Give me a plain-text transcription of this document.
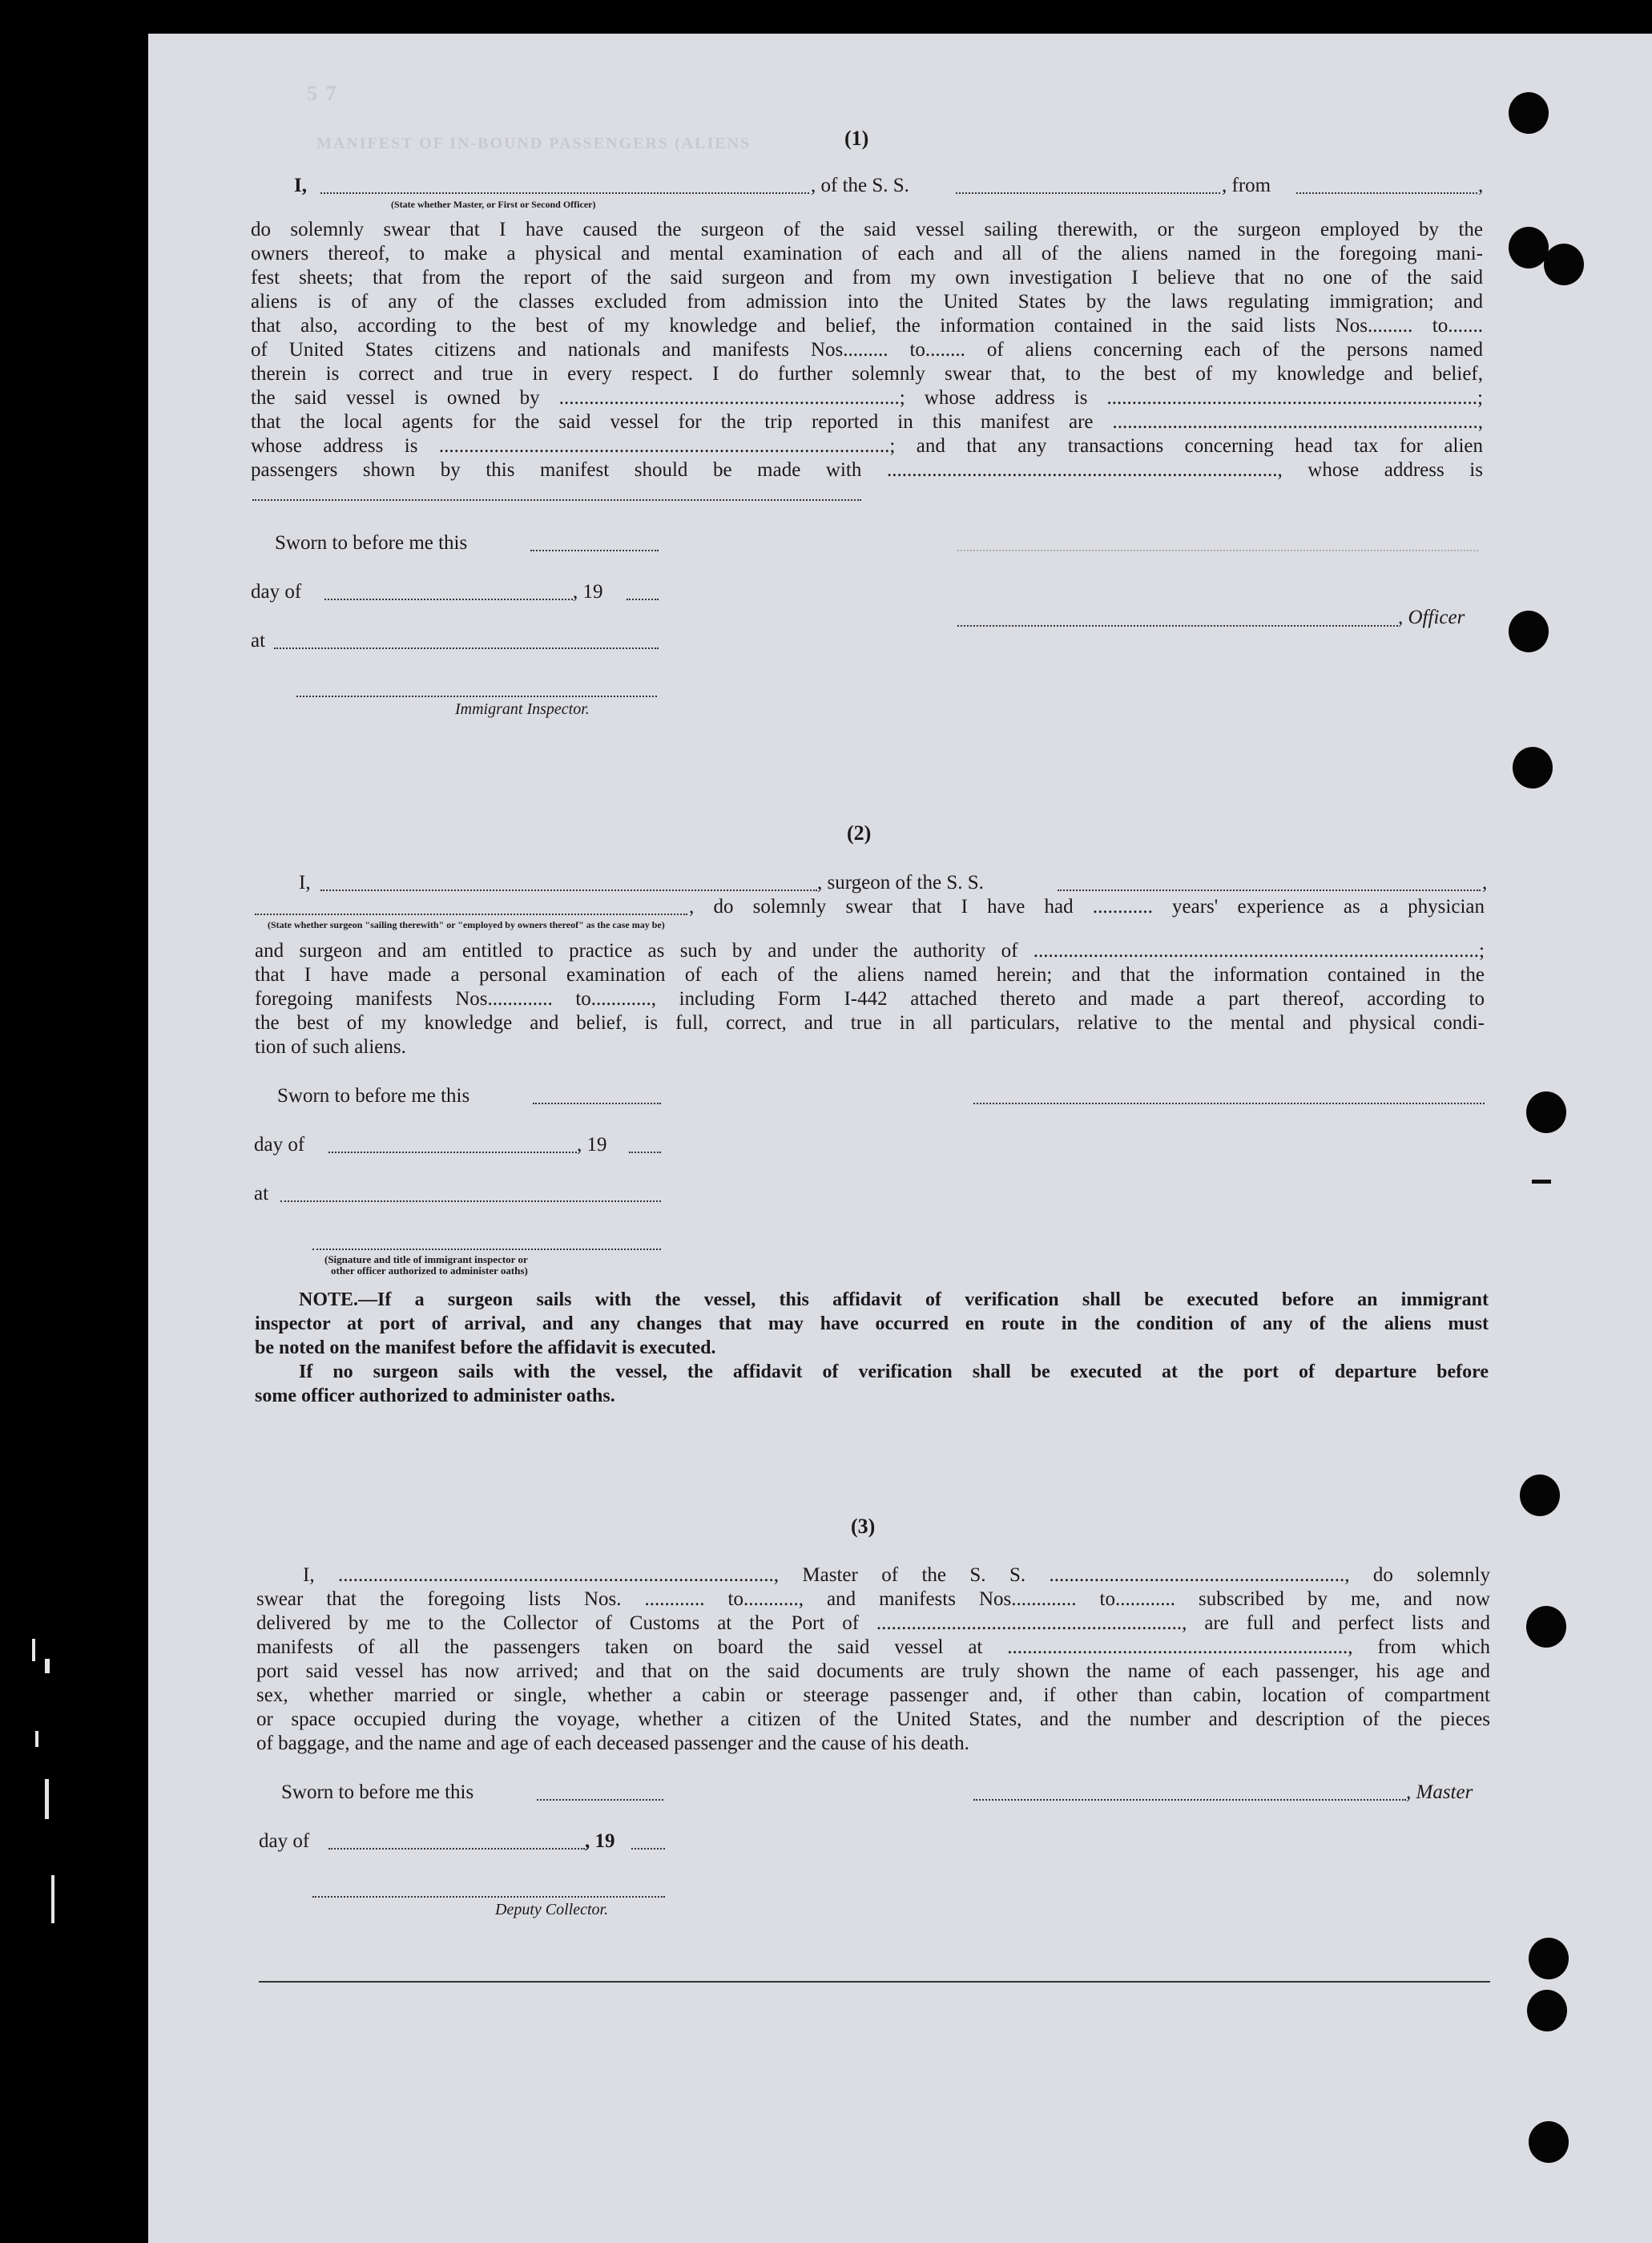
5 7
MANIFEST OF IN-BOUND PASSENGERS (ALIENS	(1)
I,	, of the S. S.	, from	,
(State whether Master, or First or Second Officer)
do solemnly swear that I have caused the surgeon of the said vessel sailing therewith, or the surgeon employed by the
owners thereof, to make a physical and mental examination of each and all of the aliens named in the foregoing mani-
fest sheets; that from the report of the said surgeon and from my own investigation I believe that no one of the said
aliens is of any of the classes excluded from admission into the United States by the laws regulating immigration; and
that also, according to the best of my knowledge and belief, the information contained in the said lists Nos......... to.......
of United States citizens and nationals and manifests Nos......... to........ of aliens concerning each of the persons named
therein is correct and true in every respect. I do further solemnly swear that, to the best of my knowledge and belief,
the said vessel is owned by ....................................................................; whose address is ..........................................................................;
that the local agents for the said vessel for the trip reported in this manifest are .........................................................................,
whose address is ..........................................................................................; and that any transactions concerning head tax for alien
passengers shown by this manifest should be made with .............................................................................., whose address is
Sworn to before me this
day of	, 19
, Officer
at
Immigrant Inspector.
(2)
I,	, surgeon of the S. S.	,
, do solemnly swear that I have had ............ years' experience as a physician
(State whether surgeon "sailing therewith" or "employed by owners thereof" as the case may be)
and surgeon and am entitled to practice as such by and under the authority of .........................................................................................;
that I have made a personal examination of each of the aliens named herein; and that the information contained in the
foregoing manifests Nos............. to............, including Form I-442 attached thereto and made a part thereof, according to
the best of my knowledge and belief, is full, correct, and true in all particulars, relative to the mental and physical condi-
tion of such aliens.
Sworn to before me this
day of	, 19
at
(Signature and title of immigrant inspector or
other officer authorized to administer oaths)
NOTE.—If a surgeon sails with the vessel, this affidavit of verification shall be executed before an immigrant
inspector at port of arrival, and any changes that may have occurred en route in the condition of any of the aliens must
be noted on the manifest before the affidavit is executed.
If no surgeon sails with the vessel, the affidavit of verification shall be executed at the port of departure before
some officer authorized to administer oaths.
(3)
I, ......................................................................................., Master of the S. S. ..........................................................., do solemnly
swear that the foregoing lists Nos. ............ to..........., and manifests Nos............. to............ subscribed by me, and now
delivered by me to the Collector of Customs at the Port of ............................................................., are full and perfect lists and
manifests of all the passengers taken on board the said vessel at ...................................................................., from which
port said vessel has now arrived; and that on the said documents are truly shown the name of each passenger, his age and
sex, whether married or single, whether a cabin or steerage passenger and, if other than cabin, location of compartment
or space occupied during the voyage, whether a citizen of the United States, and the number and description of the pieces
of baggage, and the name and age of each deceased passenger and the cause of his death.
Sworn to before me this	, Master
day of	, 19
Deputy Collector.
